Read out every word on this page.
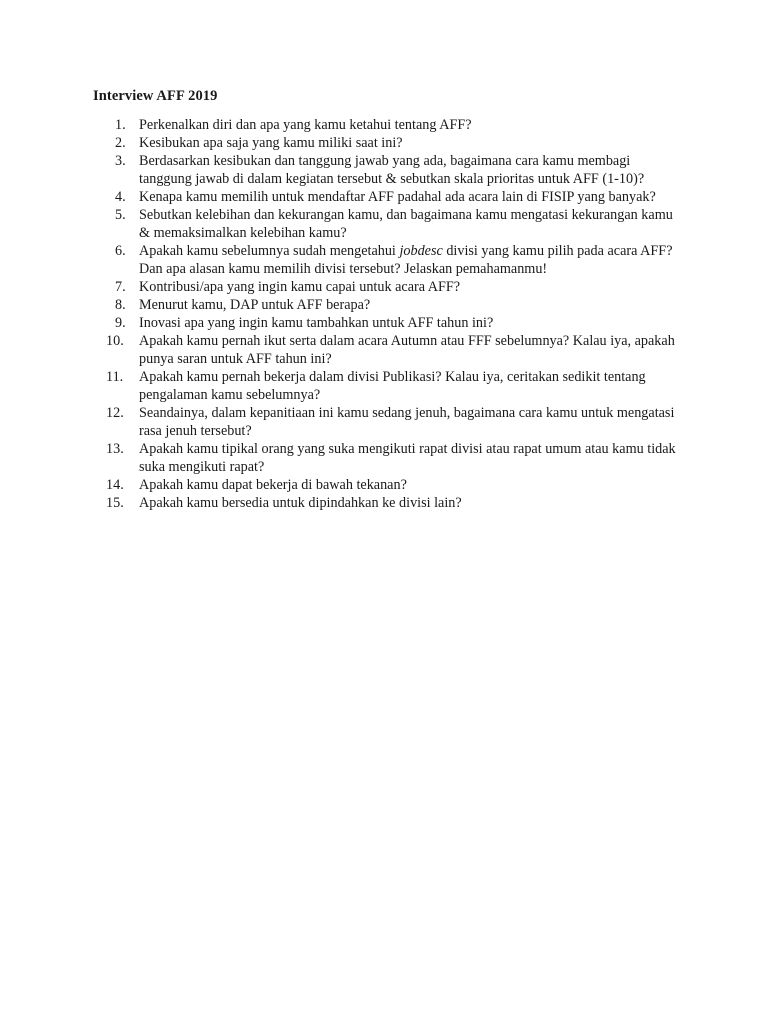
Interview AFF 2019
1. Perkenalkan diri dan apa yang kamu ketahui tentang AFF?
2. Kesibukan apa saja yang kamu miliki saat ini?
3. Berdasarkan kesibukan dan tanggung jawab yang ada, bagaimana cara kamu membagi tanggung jawab di dalam kegiatan tersebut & sebutkan skala prioritas untuk AFF (1-10)?
4. Kenapa kamu memilih untuk mendaftar AFF padahal ada acara lain di FISIP yang banyak?
5. Sebutkan kelebihan dan kekurangan kamu, dan bagaimana kamu mengatasi kekurangan kamu & memaksimalkan kelebihan kamu?
6. Apakah kamu sebelumnya sudah mengetahui jobdesc divisi yang kamu pilih pada acara AFF? Dan apa alasan kamu memilih divisi tersebut? Jelaskan pemahamanmu!
7. Kontribusi/apa yang ingin kamu capai untuk acara AFF?
8. Menurut kamu, DAP untuk AFF berapa?
9. Inovasi apa yang ingin kamu tambahkan untuk AFF tahun ini?
10. Apakah kamu pernah ikut serta dalam acara Autumn atau FFF sebelumnya? Kalau iya, apakah punya saran untuk AFF tahun ini?
11. Apakah kamu pernah bekerja dalam divisi Publikasi? Kalau iya, ceritakan sedikit tentang pengalaman kamu sebelumnya?
12. Seandainya, dalam kepanitiaan ini kamu sedang jenuh, bagaimana cara kamu untuk mengatasi rasa jenuh tersebut?
13. Apakah kamu tipikal orang yang suka mengikuti rapat divisi atau rapat umum atau kamu tidak suka mengikuti rapat?
14. Apakah kamu dapat bekerja di bawah tekanan?
15. Apakah kamu bersedia untuk dipindahkan ke divisi lain?
